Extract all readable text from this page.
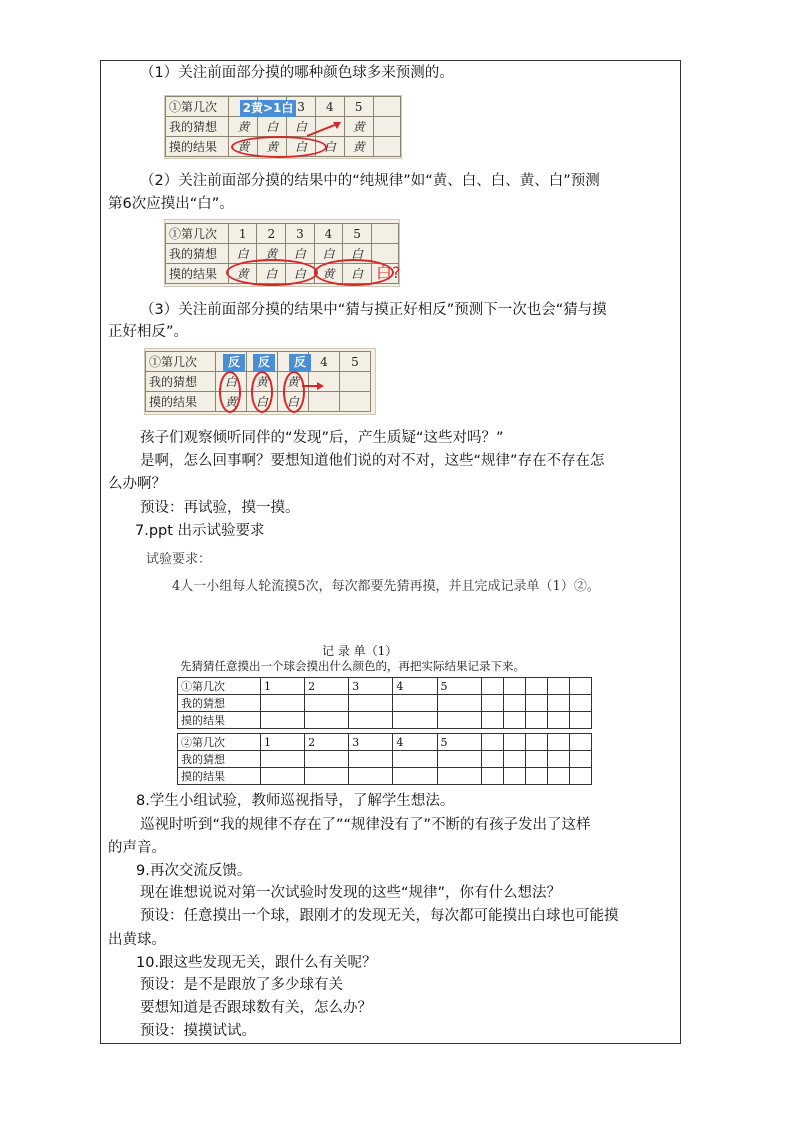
（1）关注前面部分摸的哪种颜色球多来预测的。
①第几次			3	4	5	
我的猜想	黄	白	白		黄	
摸的结果	黄	黄	白	白	黄	
2黄>1白
（2）关注前面部分摸的结果中的“纯规律”如“黄、白、白、黄、白”预测
第6次应摸出“白”。
①第几次	1	2	3	4	5	
我的猜想	白	黄	白	白	白	
摸的结果	黄	白	白	黄	白	白?
（3）关注前面部分摸的结果中“猜与摸正好相反”预测下一次也会“猜与摸
正好相反”。
①第几次				4	5
我的猜想	白	黄	黄		
摸的结果	黄	白	白		
反	反	反
孩子们观察倾听同伴的“发现”后，产生质疑“这些对吗？”
是啊，怎么回事啊？要想知道他们说的对不对，这些“规律”存在不存在怎
么办啊？
预设：再试验，摸一摸。
7.ppt 出示试验要求
试验要求：
4人一小组每人轮流摸5次，每次都要先猜再摸，并且完成记录单（1）②。
记 录 单（1）
先猜猜任意摸出一个球会摸出什么颜色的，再把实际结果记录下来。
①第几次	1	2	3	4	5					
我的猜想										
摸的结果										
②第几次	1	2	3	4	5					
我的猜想										
摸的结果										
8.学生小组试验，教师巡视指导，了解学生想法。
巡视时听到“我的规律不存在了”“规律没有了”不断的有孩子发出了这样
的声音。
9.再次交流反馈。
现在谁想说说对第一次试验时发现的这些“规律”，你有什么想法？
预设：任意摸出一个球，跟刚才的发现无关，每次都可能摸出白球也可能摸
出黄球。
10.跟这些发现无关，跟什么有关呢？
预设：是不是跟放了多少球有关
要想知道是否跟球数有关，怎么办？
预设：摸摸试试。
